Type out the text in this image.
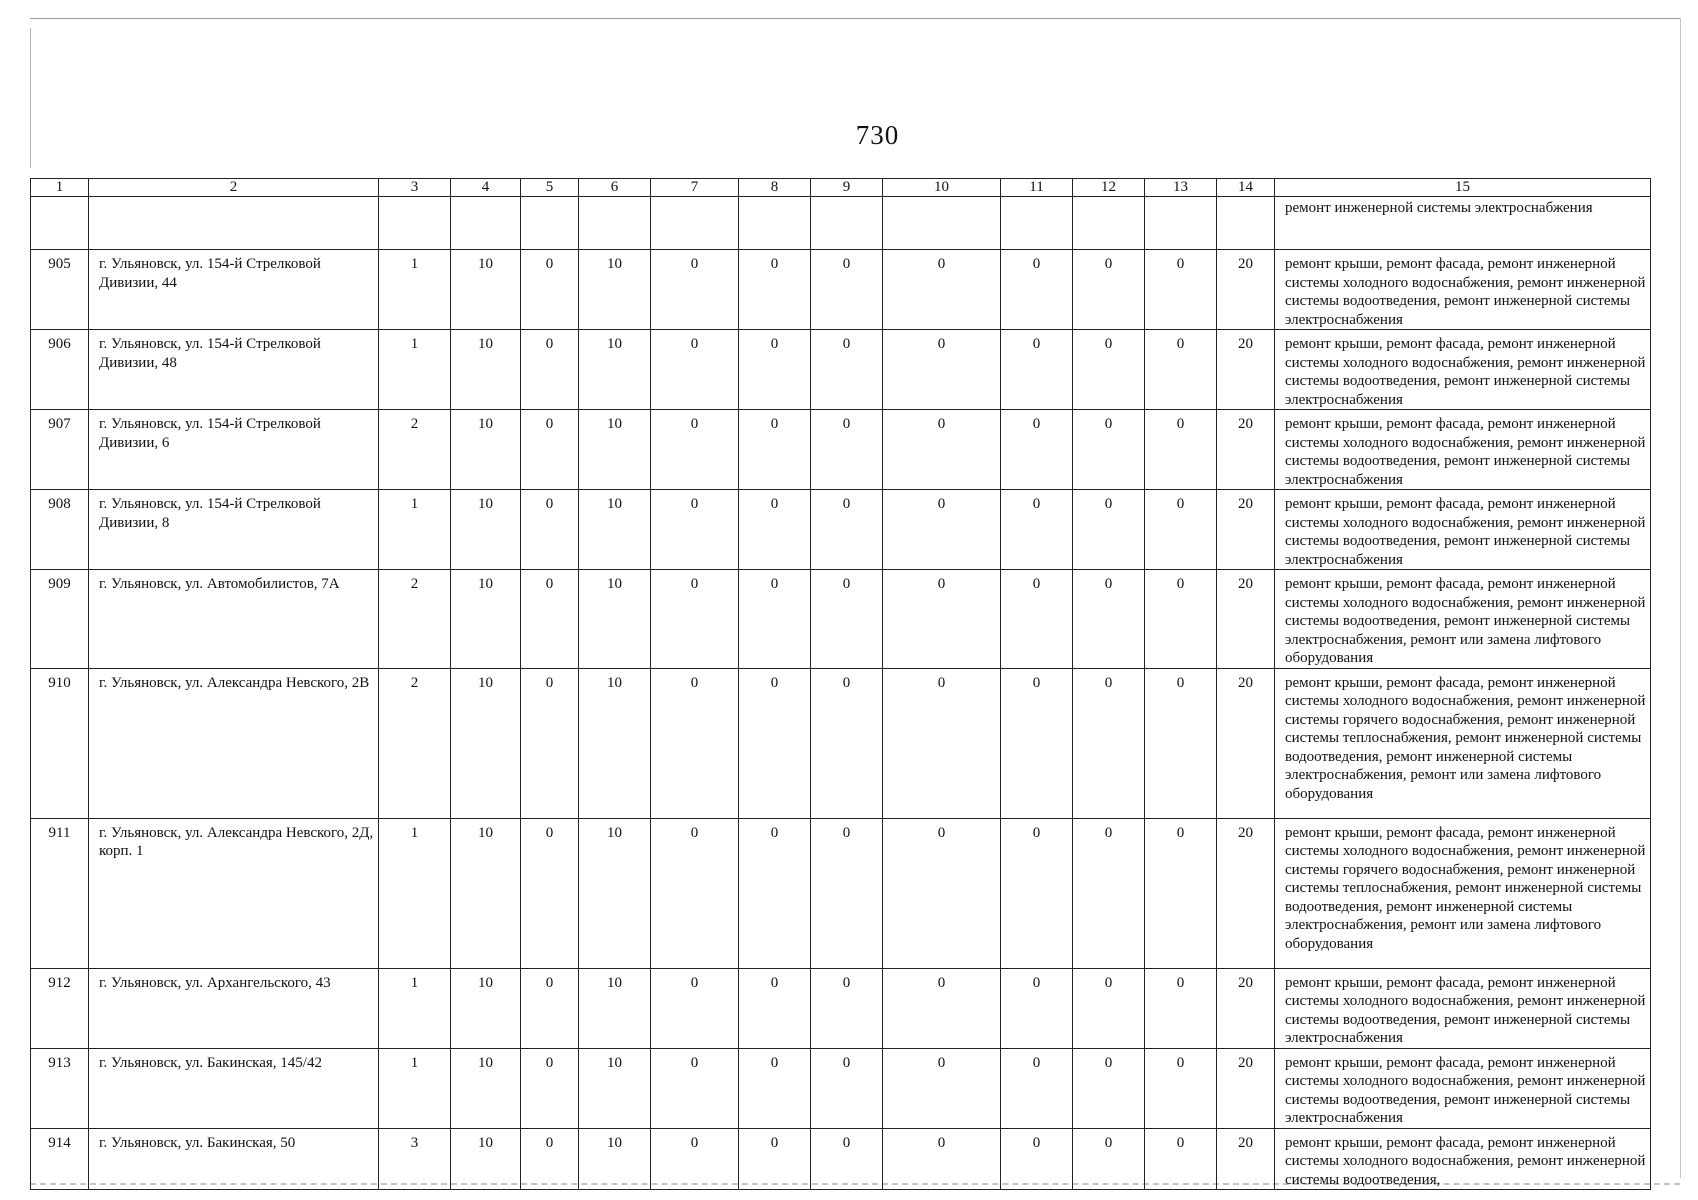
730
1	2	3	4	5	6	7	8	9	10	11	12	13	14	15
														ремонт инженерной системы электроснабжения
905	г. Ульяновск, ул. 154-й Стрелковой Дивизии, 44	1	10	0	10	0	0	0	0	0	0	0	20	ремонт крыши, ремонт фасада, ремонт инженерной системы холодного водоснабжения, ремонт инженерной системы водоотведения, ремонт инженерной системы электроснабжения
906	г. Ульяновск, ул. 154-й Стрелковой Дивизии, 48	1	10	0	10	0	0	0	0	0	0	0	20	ремонт крыши, ремонт фасада, ремонт инженерной системы холодного водоснабжения, ремонт инженерной системы водоотведения, ремонт инженерной системы электроснабжения
907	г. Ульяновск, ул. 154-й Стрелковой Дивизии, 6	2	10	0	10	0	0	0	0	0	0	0	20	ремонт крыши, ремонт фасада, ремонт инженерной системы холодного водоснабжения, ремонт инженерной системы водоотведения, ремонт инженерной системы электроснабжения
908	г. Ульяновск, ул. 154-й Стрелковой Дивизии, 8	1	10	0	10	0	0	0	0	0	0	0	20	ремонт крыши, ремонт фасада, ремонт инженерной системы холодного водоснабжения, ремонт инженерной системы водоотведения, ремонт инженерной системы электроснабжения
909	г. Ульяновск, ул. Автомобилистов, 7А	2	10	0	10	0	0	0	0	0	0	0	20	ремонт крыши, ремонт фасада, ремонт инженерной системы холодного водоснабжения, ремонт инженерной системы водоотведения, ремонт инженерной системы электроснабжения, ремонт или замена лифтового оборудования
910	г. Ульяновск, ул. Александра Невского, 2В	2	10	0	10	0	0	0	0	0	0	0	20	ремонт крыши, ремонт фасада, ремонт инженерной системы холодного водоснабжения, ремонт инженерной системы горячего водоснабжения, ремонт инженерной системы теплоснабжения, ремонт инженерной системы водоотведения, ремонт инженерной системы электроснабжения, ремонт или замена лифтового оборудования
911	г. Ульяновск, ул. Александра Невского, 2Д, корп. 1	1	10	0	10	0	0	0	0	0	0	0	20	ремонт крыши, ремонт фасада, ремонт инженерной системы холодного водоснабжения, ремонт инженерной системы горячего водоснабжения, ремонт инженерной системы теплоснабжения, ремонт инженерной системы водоотведения, ремонт инженерной системы электроснабжения, ремонт или замена лифтового оборудования
912	г. Ульяновск, ул. Архангельского, 43	1	10	0	10	0	0	0	0	0	0	0	20	ремонт крыши, ремонт фасада, ремонт инженерной системы холодного водоснабжения, ремонт инженерной системы водоотведения, ремонт инженерной системы электроснабжения
913	г. Ульяновск, ул. Бакинская, 145/42	1	10	0	10	0	0	0	0	0	0	0	20	ремонт крыши, ремонт фасада, ремонт инженерной системы холодного водоснабжения, ремонт инженерной системы водоотведения, ремонт инженерной системы электроснабжения
914	г. Ульяновск, ул. Бакинская, 50	3	10	0	10	0	0	0	0	0	0	0	20	ремонт крыши, ремонт фасада, ремонт инженерной системы холодного водоснабжения, ремонт инженерной системы водоотведения,
